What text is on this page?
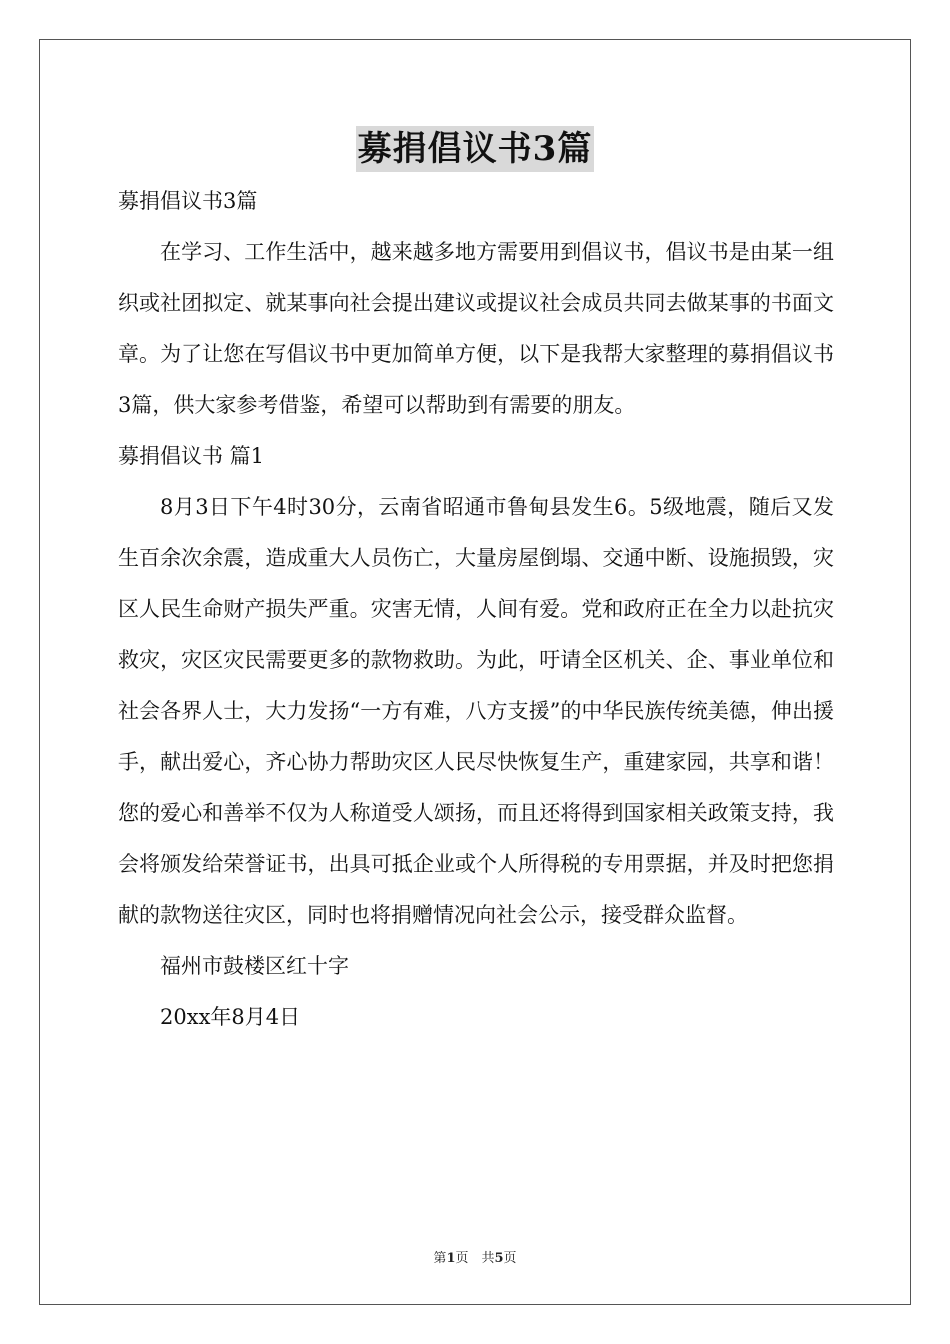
募捐倡议书3篇

募捐倡议书3篇

在学习、工作生活中，越来越多地方需要用到倡议书，倡议书是由某一组织或社团拟定、就某事向社会提出建议或提议社会成员共同去做某事的书面文章。为了让您在写倡议书中更加简单方便，以下是我帮大家整理的募捐倡议书3篇，供大家参考借鉴，希望可以帮助到有需要的朋友。

募捐倡议书 篇1

8月3日下午4时30分，云南省昭通市鲁甸县发生6。5级地震，随后又发生百余次余震，造成重大人员伤亡，大量房屋倒塌、交通中断、设施损毁，灾区人民生命财产损失严重。灾害无情，人间有爱。党和政府正在全力以赴抗灾救灾，灾区灾民需要更多的款物救助。为此，吁请全区机关、企、事业单位和社会各界人士，大力发扬“一方有难，八方支援”的中华民族传统美德，伸出援手，献出爱心，齐心协力帮助灾区人民尽快恢复生产，重建家园，共享和谐！您的爱心和善举不仅为人称道受人颂扬，而且还将得到国家相关政策支持，我会将颁发给荣誉证书，出具可抵企业或个人所得税的专用票据，并及时把您捐献的款物送往灾区，同时也将捐赠情况向社会公示，接受群众监督。

福州市鼓楼区红十字

20xx年8月4日

第1页　共5页
